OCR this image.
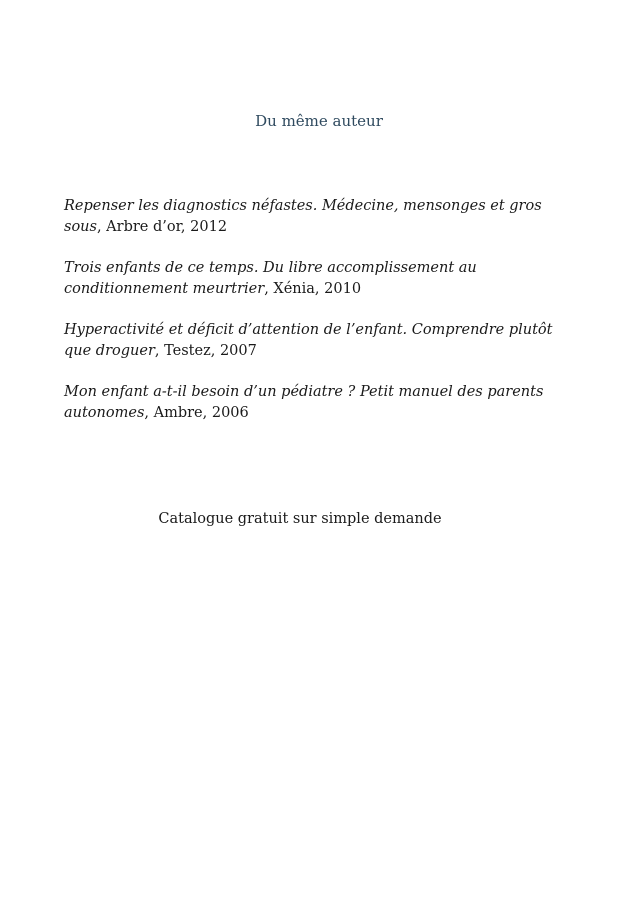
Du même auteur
Repenser les diagnostics néfastes. Médecine, mensonges et gros sous, Arbre d’or, 2012
Trois enfants de ce temps. Du libre accomplissement au conditionnement meurtrier, Xénia, 2010
Hyperactivité et déficit d’attention de l’enfant. Comprendre plutôt que droguer, Testez, 2007
Mon enfant a-t-il besoin d’un pédiatre ? Petit manuel des parents autonomes, Ambre, 2006

Catalogue gratuit sur simple demande
